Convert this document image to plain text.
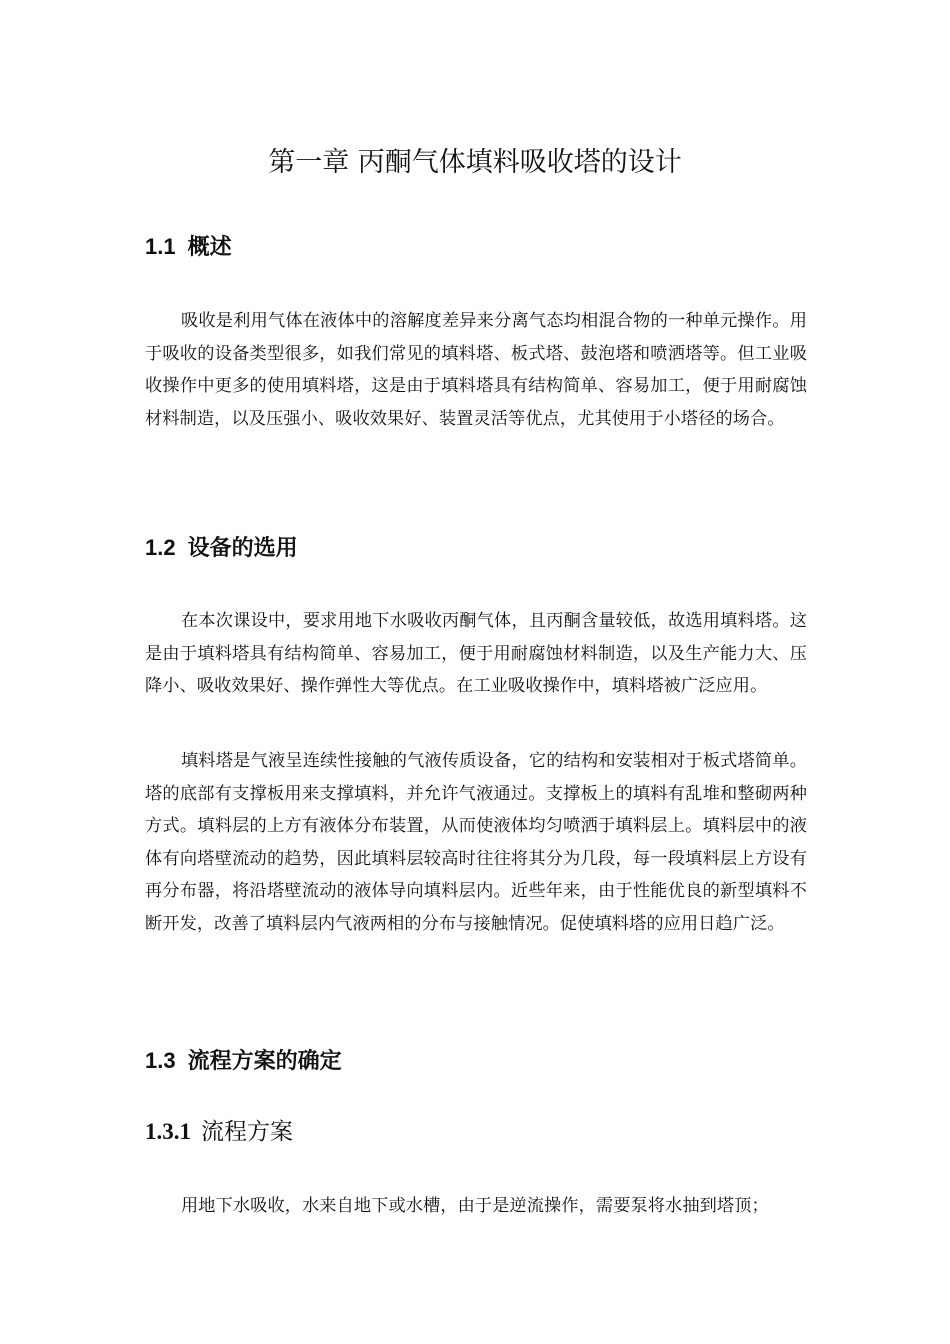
第一章 丙酮气体填料吸收塔的设计
1.1 概述

吸收是利用气体在液体中的溶解度差异来分离气态均相混合物的一种单元操作。用于吸收的设备类型很多，如我们常见的填料塔、板式塔、鼓泡塔和喷洒塔等。但工业吸收操作中更多的使用填料塔，这是由于填料塔具有结构简单、容易加工，便于用耐腐蚀材料制造，以及压强小、吸收效果好、装置灵活等优点，尤其使用于小塔径的场合。

1.2 设备的选用

在本次课设中，要求用地下水吸收丙酮气体，且丙酮含量较低，故选用填料塔。这是由于填料塔具有结构简单、容易加工，便于用耐腐蚀材料制造，以及生产能力大、压降小、吸收效果好、操作弹性大等优点。在工业吸收操作中，填料塔被广泛应用。

填料塔是气液呈连续性接触的气液传质设备，它的结构和安装相对于板式塔简单。塔的底部有支撑板用来支撑填料，并允许气液通过。支撑板上的填料有乱堆和整砌两种方式。填料层的上方有液体分布装置，从而使液体均匀喷洒于填料层上。填料层中的液体有向塔壁流动的趋势，因此填料层较高时往往将其分为几段，每一段填料层上方设有再分布器，将沿塔壁流动的液体导向填料层内。近些年来，由于性能优良的新型填料不断开发，改善了填料层内气液两相的分布与接触情况。促使填料塔的应用日趋广泛。

1.3 流程方案的确定
1.3.1 流程方案

用地下水吸收，水来自地下或水槽，由于是逆流操作，需要泵将水抽到塔顶；
